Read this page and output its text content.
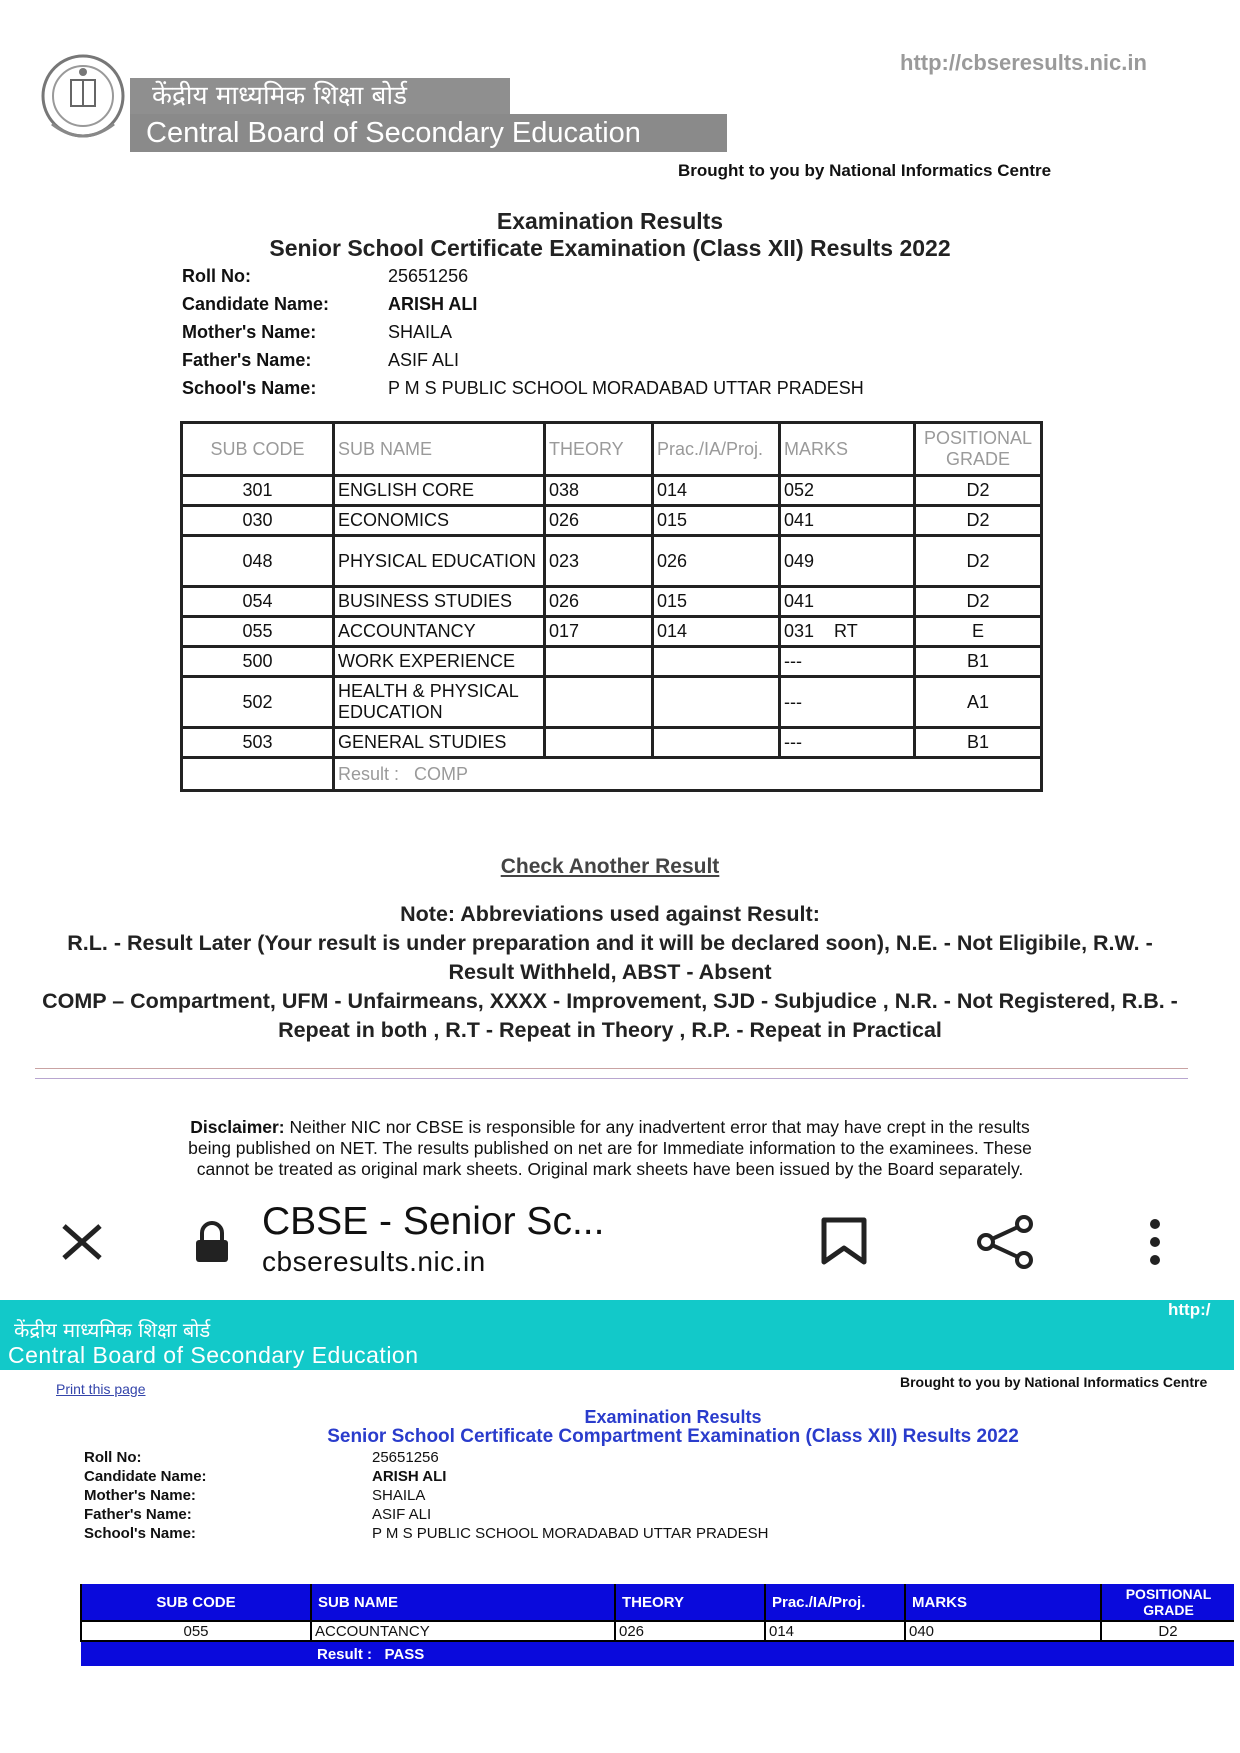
केंद्रीय माध्यमिक शिक्षा बोर्ड
Central Board of Secondary Education
http://cbseresults.nic.in
Brought to you by National Informatics Centre
Examination Results
Senior School Certificate Examination (Class XII) Results 2022
Roll No:	25651256
Candidate Name:	ARISH ALI
Mother's Name:	SHAILA
Father's Name:	ASIF ALI
School's Name:	P M S PUBLIC SCHOOL MORADABAD UTTAR PRADESH
SUB CODE	SUB NAME	THEORY	Prac./IA/Proj.	MARKS	POSITIONAL
GRADE
301	ENGLISH CORE	038	014	052	D2
030	ECONOMICS	026	015	041	D2
048	PHYSICAL EDUCATION	023	026	049	D2
054	BUSINESS STUDIES	026	015	041	D2
055	ACCOUNTANCY	017	014	031    RT	E
500	WORK EXPERIENCE			---	B1
502	HEALTH & PHYSICAL EDUCATION			---	A1
503	GENERAL STUDIES			---	B1
	Result :   COMP				
Check Another Result
Note: Abbreviations used against Result:
R.L. - Result Later (Your result is under preparation and it will be declared soon), N.E. - Not Eligibile, R.W. - Result Withheld, ABST - Absent
COMP – Compartment, UFM - Unfairmeans, XXXX - Improvement, SJD - Subjudice , N.R. - Not Registered, R.B. - Repeat in both , R.T - Repeat in Theory , R.P. - Repeat in Practical
Disclaimer: Neither NIC nor CBSE is responsible for any inadvertent error that may have crept in the results being published on NET. The results published on net are for Immediate information to the examinees. These cannot be treated as original mark sheets. Original mark sheets have been issued by the Board separately.
CBSE - Senior Sc...
cbseresults.nic.in
केंद्रीय माध्यमिक शिक्षा बोर्ड
Central Board of Secondary Education
http:/
Print this page	Brought to you by National Informatics Centre
Examination Results
Senior School Certificate Compartment Examination (Class XII) Results 2022
Roll No:	25651256
Candidate Name:	ARISH ALI
Mother's Name:	SHAILA
Father's Name:	ASIF ALI
School's Name:	P M S PUBLIC SCHOOL MORADABAD UTTAR PRADESH
SUB CODE	SUB NAME	THEORY	Prac./IA/Proj.	MARKS	POSITIONAL
GRADE
055	ACCOUNTANCY	026	014	040	D2
	Result :   PASS				
